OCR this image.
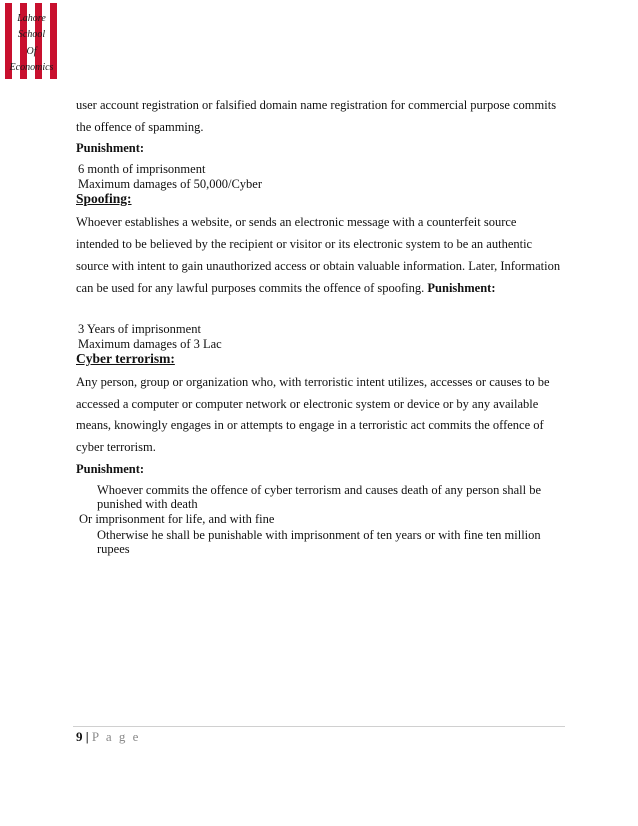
Lahore
School
Of
Economics
user account registration or falsified domain name registration for commercial purpose commits
the offence of spamming.
Punishment:
6 month of imprisonment
Maximum damages of 50,000/Cyber
Spoofing:
Whoever establishes a website, or sends an electronic message with a counterfeit source
intended to be believed by the recipient or visitor or its electronic system to be an authentic
source with intent to gain unauthorized access or obtain valuable information. Later, Information
can be used for any lawful purposes commits the offence of spoofing. Punishment:
3 Years of imprisonment
Maximum damages of 3 Lac
Cyber terrorism:
Any person, group or organization who, with terroristic intent utilizes, accesses or causes to be
accessed a computer or computer network or electronic system or device or by any available
means, knowingly engages in or attempts to engage in a terroristic act commits the offence of
cyber terrorism.
Punishment:
Whoever commits the offence of cyber terrorism and causes death of any person shall be
punished with death
Or imprisonment for life, and with fine
Otherwise he shall be punishable with imprisonment of ten years or with fine ten million
rupees
9 | P a g e
